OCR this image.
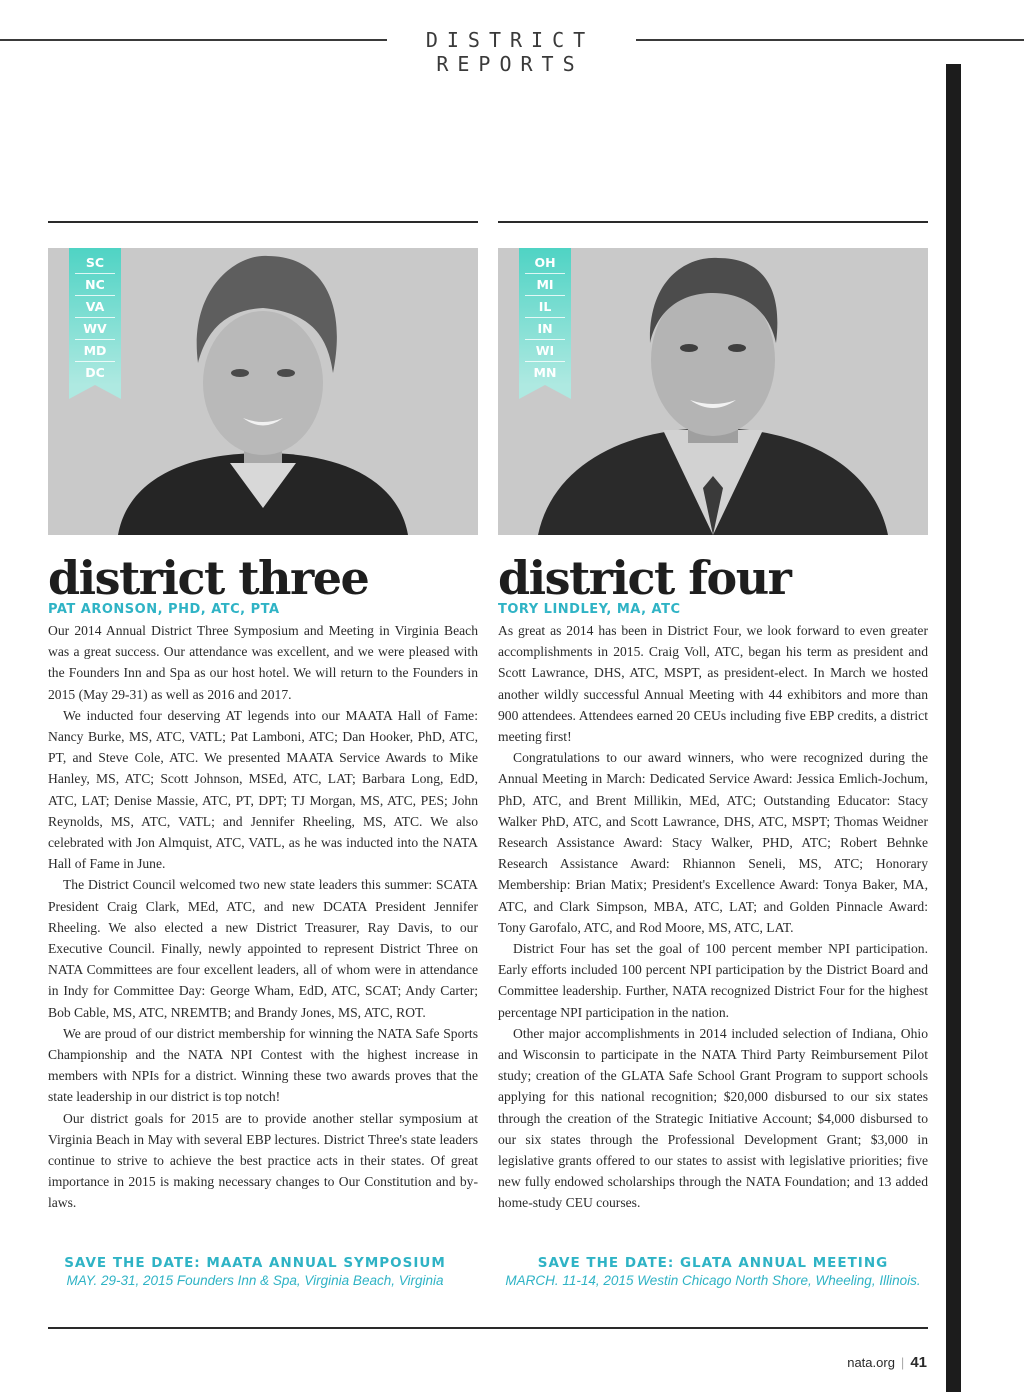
DISTRICT REPORTS
SC
NC
VA
WV
MD
DC
district three
PAT ARONSON, PHD, ATC, PTA

Our 2014 Annual District Three Symposium and Meeting in Virginia Beach was a great success. Our attendance was excellent, and we were pleased with the Founders Inn and Spa as our host hotel. We will return to the Founders in 2015 (May 29-31) as well as 2016 and 2017.

We inducted four deserving AT legends into our MAATA Hall of Fame: Nancy Burke, MS, ATC, VATL; Pat Lamboni, ATC; Dan Hooker, PhD, ATC, PT, and Steve Cole, ATC. We presented MAATA Service Awards to Mike Hanley, MS, ATC; Scott Johnson, MSEd, ATC, LAT; Barbara Long, EdD, ATC, LAT; Denise Massie, ATC, PT, DPT; TJ Morgan, MS, ATC, PES; John Reynolds, MS, ATC, VATL; and Jennifer Rheeling, MS, ATC. We also celebrated with Jon Almquist, ATC, VATL, as he was inducted into the NATA Hall of Fame in June.

The District Council welcomed two new state leaders this summer: SCATA President Craig Clark, MEd, ATC, and new DCATA President Jennifer Rheeling. We also elected a new District Treasurer, Ray Davis, to our Executive Council. Finally, newly appointed to represent District Three on NATA Committees are four excellent leaders, all of whom were in attendance in Indy for Committee Day: George Wham, EdD, ATC, SCAT; Andy Carter; Bob Cable, MS, ATC, NREMTB; and Brandy Jones, MS, ATC, ROT.

We are proud of our district membership for winning the NATA Safe Sports Championship and the NATA NPI Contest with the highest increase in members with NPIs for a district. Winning these two awards proves that the state leadership in our district is top notch!

Our district goals for 2015 are to provide another stellar symposium at Virginia Beach in May with several EBP lectures. District Three's state leaders continue to strive to achieve the best practice acts in their states. Of great importance in 2015 is making necessary changes to Our Constitution and by-laws.

OH
MI
IL
IN
WI
MN
district four
TORY LINDLEY, MA, ATC

As great as 2014 has been in District Four, we look forward to even greater accomplishments in 2015. Craig Voll, ATC, began his term as president and Scott Lawrance, DHS, ATC, MSPT, as president-elect. In March we hosted another wildly successful Annual Meeting with 44 exhibitors and more than 900 attendees. Attendees earned 20 CEUs including five EBP credits, a district meeting first!

Congratulations to our award winners, who were recognized during the Annual Meeting in March: Dedicated Service Award: Jessica Emlich-Jochum, PhD, ATC, and Brent Millikin, MEd, ATC; Outstanding Educator: Stacy Walker PhD, ATC, and Scott Lawrance, DHS, ATC, MSPT; Thomas Weidner Research Assistance Award: Stacy Walker, PHD, ATC; Robert Behnke Research Assistance Award: Rhiannon Seneli, MS, ATC; Honorary Membership: Brian Matix; President's Excellence Award: Tonya Baker, MA, ATC, and Clark Simpson, MBA, ATC, LAT; and Golden Pinnacle Award: Tony Garofalo, ATC, and Rod Moore, MS, ATC, LAT.

District Four has set the goal of 100 percent member NPI participation. Early efforts included 100 percent NPI participation by the District Board and Committee leadership. Further, NATA recognized District Four for the highest percentage NPI participation in the nation.

Other major accomplishments in 2014 included selection of Indiana, Ohio and Wisconsin to participate in the NATA Third Party Reimbursement Pilot study; creation of the GLATA Safe School Grant Program to support schools applying for this national recognition; $20,000 disbursed to our six states through the creation of the Strategic Initiative Account; $4,000 disbursed to our six states through the Professional Development Grant; $3,000 in legislative grants offered to our states to assist with legislative priorities; five new fully endowed scholarships through the NATA Foundation; and 13 added home-study CEU courses.

SAVE THE DATE: MAATA ANNUAL SYMPOSIUM
MAY. 29-31, 2015 Founders Inn & Spa, Virginia Beach, Virginia
SAVE THE DATE: GLATA ANNUAL MEETING
MARCH. 11-14, 2015 Westin Chicago North Shore, Wheeling, Illinois.
nata.org | 41
